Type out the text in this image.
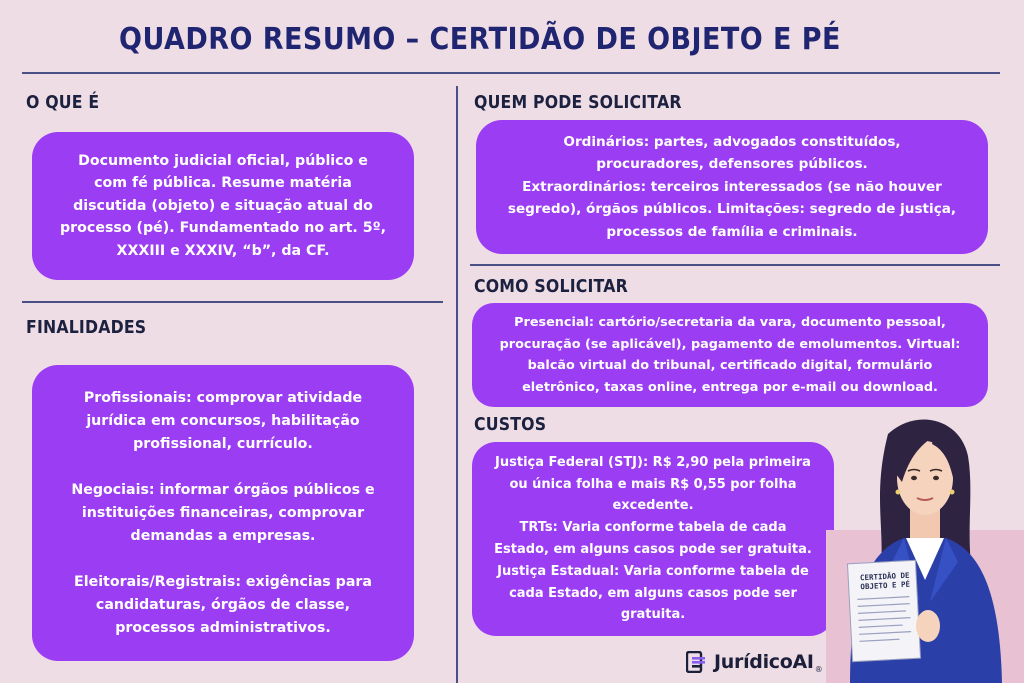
QUADRO RESUMO – CERTIDÃO DE OBJETO E PÉ
O QUE É
Documento judicial oficial, público e
com fé pública. Resume matéria
discutida (objeto) e situação atual do
processo (pé). Fundamentado no art. 5º,
XXXIII e XXXIV, “b”, da CF.
FINALIDADES
Profissionais: comprovar atividade
jurídica em concursos, habilitação
profissional, currículo.
Negociais: informar órgãos públicos e
instituições financeiras, comprovar
demandas a empresas.
Eleitorais/Registrais: exigências para
candidaturas, órgãos de classe,
processos administrativos.
QUEM PODE SOLICITAR
Ordinários: partes, advogados constituídos,
procuradores, defensores públicos.
Extraordinários: terceiros interessados (se não houver
segredo), órgãos públicos. Limitações: segredo de justiça,
processos de família e criminais.
COMO SOLICITAR
Presencial: cartório/secretaria da vara, documento pessoal,
procuração (se aplicável), pagamento de emolumentos. Virtual:
balcão virtual do tribunal, certificado digital, formulário
eletrônico, taxas online, entrega por e-mail ou download.
CUSTOS
Justiça Federal (STJ): R$ 2,90 pela primeira
ou única folha e mais R$ 0,55 por folha
excedente.
TRTs: Varia conforme tabela de cada
Estado, em alguns casos pode ser gratuita.
Justiça Estadual: Varia conforme tabela de
cada Estado, em alguns casos pode ser
gratuita.
CERTIDÃO DE
OBJETO E PÉ
JurídicoAI ®
